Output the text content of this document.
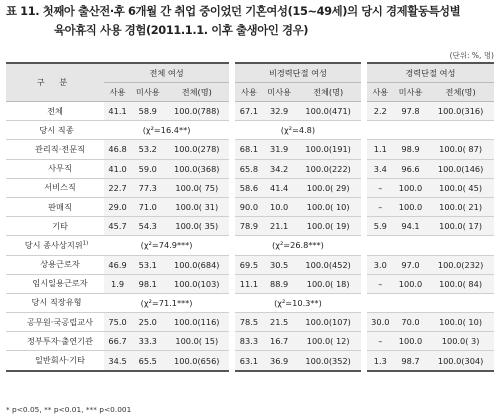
표 11. 첫째아 출산전·후 6개월 간 취업 중이었던 기혼여성(15~49세)의 당시 경제활동특성별
육아휴직 사용 경험(2011.1.1. 이후 출생아인 경우)
(단위: %, 명)
구 분	전체 여성				비경력단절 여성				경력단절 여성		
	사용	미사용	전체(명)		사용	미사용	전체(명)		사용	미사용	전체(명)
전체	41.1	58.9	100.0(788)		67.1	32.9	100.0(471)		2.2	97.8	100.0(316)
당시 직종	(χ²=16.4**)				(χ²=4.8)						
관리직·전문직	46.8	53.2	100.0(278)		68.1	31.9	100.0(191)		1.1	98.9	100.0( 87)
사무직	41.0	59.0	100.0(368)		65.8	34.2	100.0(222)		3.4	96.6	100.0(146)
서비스직	22.7	77.3	100.0( 75)		58.6	41.4	100.0( 29)		–	100.0	100.0( 45)
판매직	29.0	71.0	100.0( 31)		90.0	10.0	100.0( 10)		–	100.0	100.0( 21)
기타	45.7	54.3	100.0( 35)		78.9	21.1	100.0( 19)		5.9	94.1	100.0( 17)
당시 종사상지위$^{1)}$	(χ²=74.9***)				(χ²=26.8***)						
상용근로자	46.9	53.1	100.0(684)		69.5	30.5	100.0(452)		3.0	97.0	100.0(232)
임시일용근로자	1.9	98.1	100.0(103)		11.1	88.9	100.0( 18)		–	100.0	100.0( 84)
당시 직장유형	(χ²=71.1***)				(χ²=10.3**)						
공무원·국공립교사	75.0	25.0	100.0(116)		78.5	21.5	100.0(107)		30.0	70.0	100.0( 10)
정부투자·출연기관	66.7	33.3	100.0( 15)		83.3	16.7	100.0( 12)		–	100.0	100.0( 3)
일반회사·기타	34.5	65.5	100.0(656)		63.1	36.9	100.0(352)		1.3	98.7	100.0(304)
* p<0.05, ** p<0.01, *** p<0.001
